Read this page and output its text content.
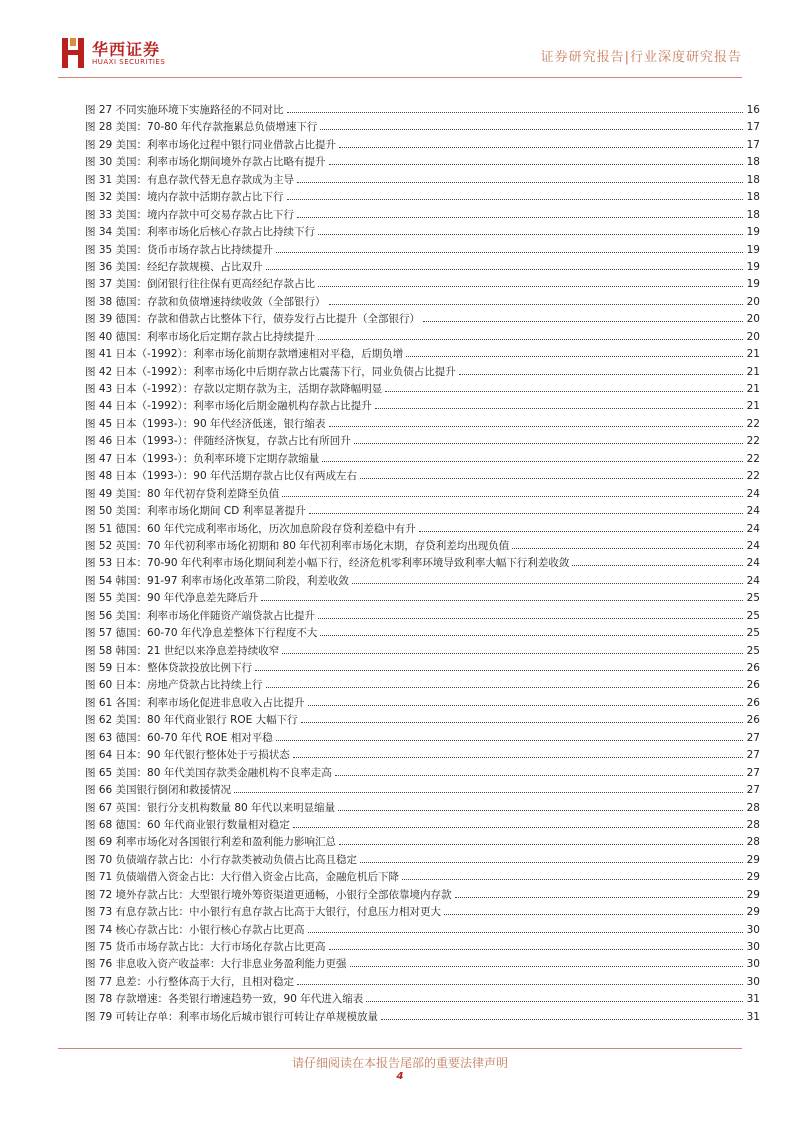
华西证券
HUAXI SECURITIES	证券研究报告|行业深度研究报告
图 27 不同实施环境下实施路径的不同对比	16
图 28 美国：70-80 年代存款拖累总负债增速下行	17
图 29 美国：利率市场化过程中银行同业借款占比提升	17
图 30 美国：利率市场化期间境外存款占比略有提升	18
图 31 美国：有息存款代替无息存款成为主导	18
图 32 美国：境内存款中活期存款占比下行	18
图 33 美国：境内存款中可交易存款占比下行	18
图 34 美国：利率市场化后核心存款占比持续下行	19
图 35 美国：货币市场存款占比持续提升	19
图 36 美国：经纪存款规模、占比双升	19
图 37 美国：倒闭银行往往保有更高经纪存款占比	19
图 38 德国：存款和负债增速持续收敛（全部银行）	20
图 39 德国：存款和借款占比整体下行，债券发行占比提升（全部银行）	20
图 40 德国：利率市场化后定期存款占比持续提升	20
图 41 日本（-1992）：利率市场化前期存款增速相对平稳，后期负增	21
图 42 日本（-1992）：利率市场化中后期存款占比震荡下行，同业负债占比提升	21
图 43 日本（-1992）：存款以定期存款为主，活期存款降幅明显	21
图 44 日本（-1992）：利率市场化后期金融机构存款占比提升	21
图 45 日本（1993-）：90 年代经济低迷，银行缩表	22
图 46 日本（1993-）：伴随经济恢复，存款占比有所回升	22
图 47 日本（1993-）：负利率环境下定期存款缩量	22
图 48 日本（1993-）：90 年代活期存款占比仅有两成左右	22
图 49 美国：80 年代初存贷利差降至负值	24
图 50 美国：利率市场化期间 CD 利率显著提升	24
图 51 德国：60 年代完成利率市场化，历次加息阶段存贷利差稳中有升	24
图 52 英国：70 年代初利率市场化初期和 80 年代初利率市场化末期，存贷利差均出现负值	24
图 53 日本：70-90 年代利率市场化期间利差小幅下行，经济危机零利率环境导致利率大幅下行利差收敛	24
图 54 韩国：91-97 利率市场化改革第二阶段，利差收敛	24
图 55 美国：90 年代净息差先降后升	25
图 56 美国：利率市场化伴随资产端贷款占比提升	25
图 57 德国：60-70 年代净息差整体下行程度不大	25
图 58 韩国：21 世纪以来净息差持续收窄	25
图 59 日本：整体贷款投放比例下行	26
图 60 日本：房地产贷款占比持续上行	26
图 61 各国：利率市场化促进非息收入占比提升	26
图 62 美国：80 年代商业银行 ROE 大幅下行	26
图 63 德国：60-70 年代 ROE 相对平稳	27
图 64 日本：90 年代银行整体处于亏损状态	27
图 65 美国：80 年代美国存款类金融机构不良率走高	27
图 66 美国银行倒闭和救援情况	27
图 67 英国：银行分支机构数量 80 年代以来明显缩量	28
图 68 德国：60 年代商业银行数量相对稳定	28
图 69 利率市场化对各国银行利差和盈利能力影响汇总	28
图 70 负债端存款占比：小行存款类被动负债占比高且稳定	29
图 71 负债端借入资金占比：大行借入资金占比高，金融危机后下降	29
图 72 境外存款占比：大型银行境外筹资渠道更通畅，小银行全部依靠境内存款	29
图 73 有息存款占比：中小银行有息存款占比高于大银行，付息压力相对更大	29
图 74 核心存款占比：小银行核心存款占比更高	30
图 75 货币市场存款占比：大行市场化存款占比更高	30
图 76 非息收入资产收益率：大行非息业务盈利能力更强	30
图 77 息差：小行整体高于大行，且相对稳定	30
图 78 存款增速：各类银行增速趋势一致，90 年代进入缩表	31
图 79 可转让存单：利率市场化后城市银行可转让存单规模放量	31
请仔细阅读在本报告尾部的重要法律声明
4
